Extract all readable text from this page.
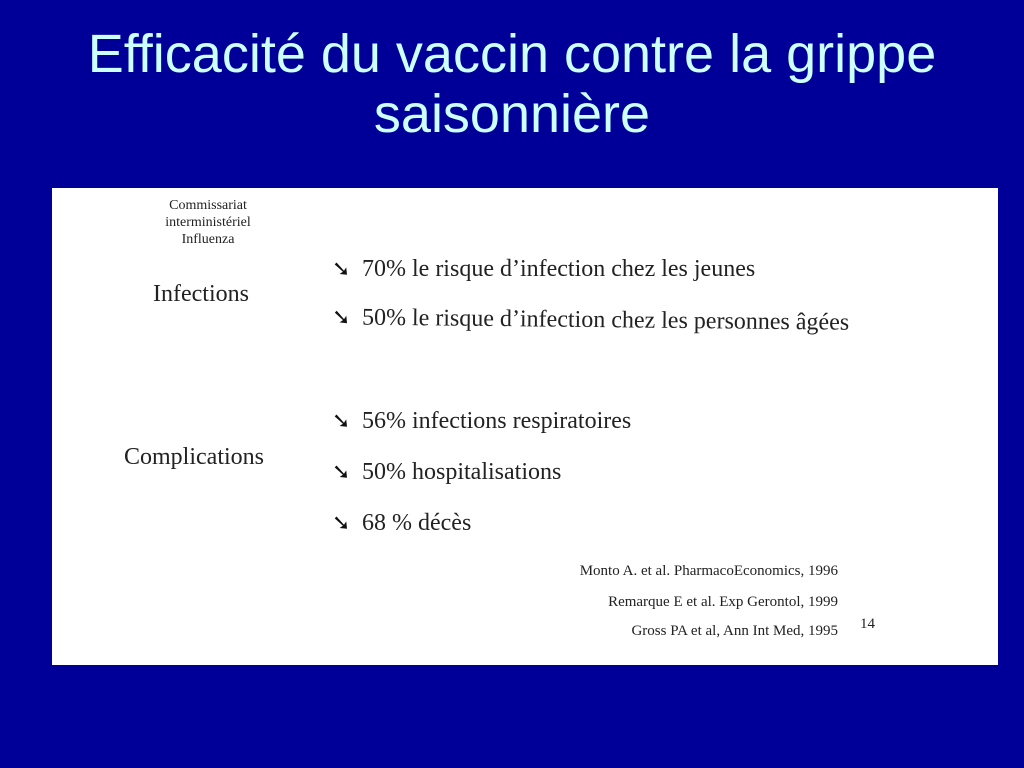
Efficacité du vaccin contre la grippe saisonnière
Commissariat
interministériel
Influenza
Infections
➘ 70% le risque d’infection chez les jeunes
➘ 50% le risque d’infection chez les personnes âgées
Complications
➘ 56% infections respiratoires
➘ 50% hospitalisations
➘ 68 % décès
Monto A. et al. PharmacoEconomics, 1996
Remarque E et al. Exp Gerontol, 1999
Gross PA et al, Ann Int Med, 1995 14
